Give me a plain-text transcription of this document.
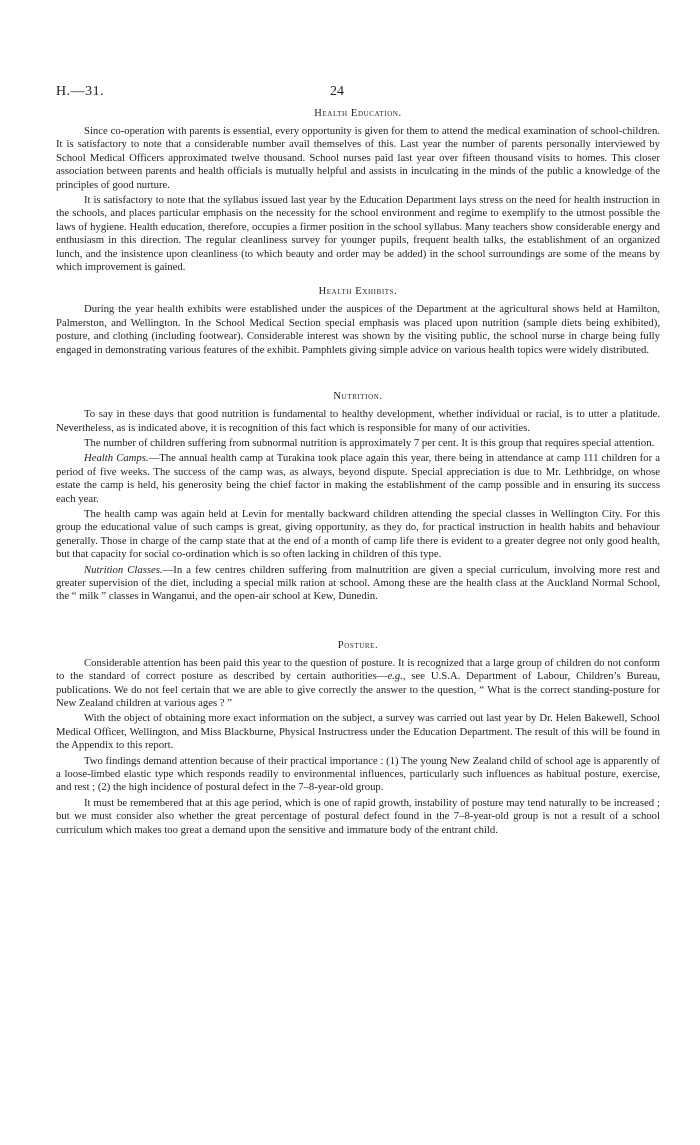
H.—31.	24
Health Education.

Since co-operation with parents is essential, every opportunity is given for them to attend the medical examination of school-children. It is satisfactory to note that a considerable number avail themselves of this. Last year the number of parents personally interviewed by School Medical Officers approximated twelve thousand. School nurses paid last year over fifteen thousand visits to homes. This closer association between parents and health officials is mutually helpful and assists in inculcating in the minds of the public a knowledge of the principles of good nurture.

It is satisfactory to note that the syllabus issued last year by the Education Department lays stress on the need for health instruction in the schools, and places particular emphasis on the necessity for the school environment and regime to exemplify to the utmost possible the laws of hygiene. Health education, therefore, occupies a firmer position in the school syllabus. Many teachers show considerable energy and enthusiasm in this direction. The regular cleanliness survey for younger pupils, frequent health talks, the establishment of an organized lunch, and the insistence upon cleanliness (to which beauty and order may be added) in the school surroundings are some of the means by which improvement is gained.

Health Exhibits.

During the year health exhibits were established under the auspices of the Department at the agricultural shows held at Hamilton, Palmerston, and Wellington. In the School Medical Section special emphasis was placed upon nutrition (sample diets being exhibited), posture, and clothing (including footwear). Considerable interest was shown by the visiting public, the school nurse in charge being fully engaged in demonstrating various features of the exhibit. Pamphlets giving simple advice on various health topics were widely distributed.

Nutrition.

To say in these days that good nutrition is fundamental to healthy development, whether individual or racial, is to utter a platitude. Nevertheless, as is indicated above, it is recognition of this fact which is responsible for many of our activities.

The number of children suffering from subnormal nutrition is approximately 7 per cent. It is this group that requires special attention.

Health Camps.—The annual health camp at Turakina took place again this year, there being in attendance at camp 111 children for a period of five weeks. The success of the camp was, as always, beyond dispute. Special appreciation is due to Mr. Lethbridge, on whose estate the camp is held, his generosity being the chief factor in making the establishment of the camp possible and in ensuring its success each year.

The health camp was again held at Levin for mentally backward children attending the special classes in Wellington City. For this group the educational value of such camps is great, giving opportunity, as they do, for practical instruction in health habits and behaviour generally. Those in charge of the camp state that at the end of a month of camp life there is evident to a greater degree not only good health, but that capacity for social co-ordination which is so often lacking in children of this type.

Nutrition Classes.—In a few centres children suffering from malnutrition are given a special curriculum, involving more rest and greater supervision of the diet, including a special milk ration at school. Among these are the health class at the Auckland Normal School, the “ milk ” classes in Wanganui, and the open-air school at Kew, Dunedin.

Posture.

Considerable attention has been paid this year to the question of posture. It is recognized that a large group of children do not conform to the standard of correct posture as described by certain authorities—e.g., see U.S.A. Department of Labour, Children’s Bureau, publications. We do not feel certain that we are able to give correctly the answer to the question, “ What is the correct standing-posture for New Zealand children at various ages ? ”

With the object of obtaining more exact information on the subject, a survey was carried out last year by Dr. Helen Bakewell, School Medical Officer, Wellington, and Miss Blackburne, Physical Instructress under the Education Department. The result of this will be found in the Appendix to this report.

Two findings demand attention because of their practical importance : (1) The young New Zealand child of school age is apparently of a loose-limbed elastic type which responds readily to environmental influences, particularly such influences as habitual posture, exercise, and rest ; (2) the high incidence of postural defect in the 7–8-year-old group.

It must be remembered that at this age period, which is one of rapid growth, instability of posture may tend naturally to be increased ; but we must consider also whether the great percentage of postural defect found in the 7–8-year-old group is not a result of a school curriculum which makes too great a demand upon the sensitive and immature body of the entrant child.
